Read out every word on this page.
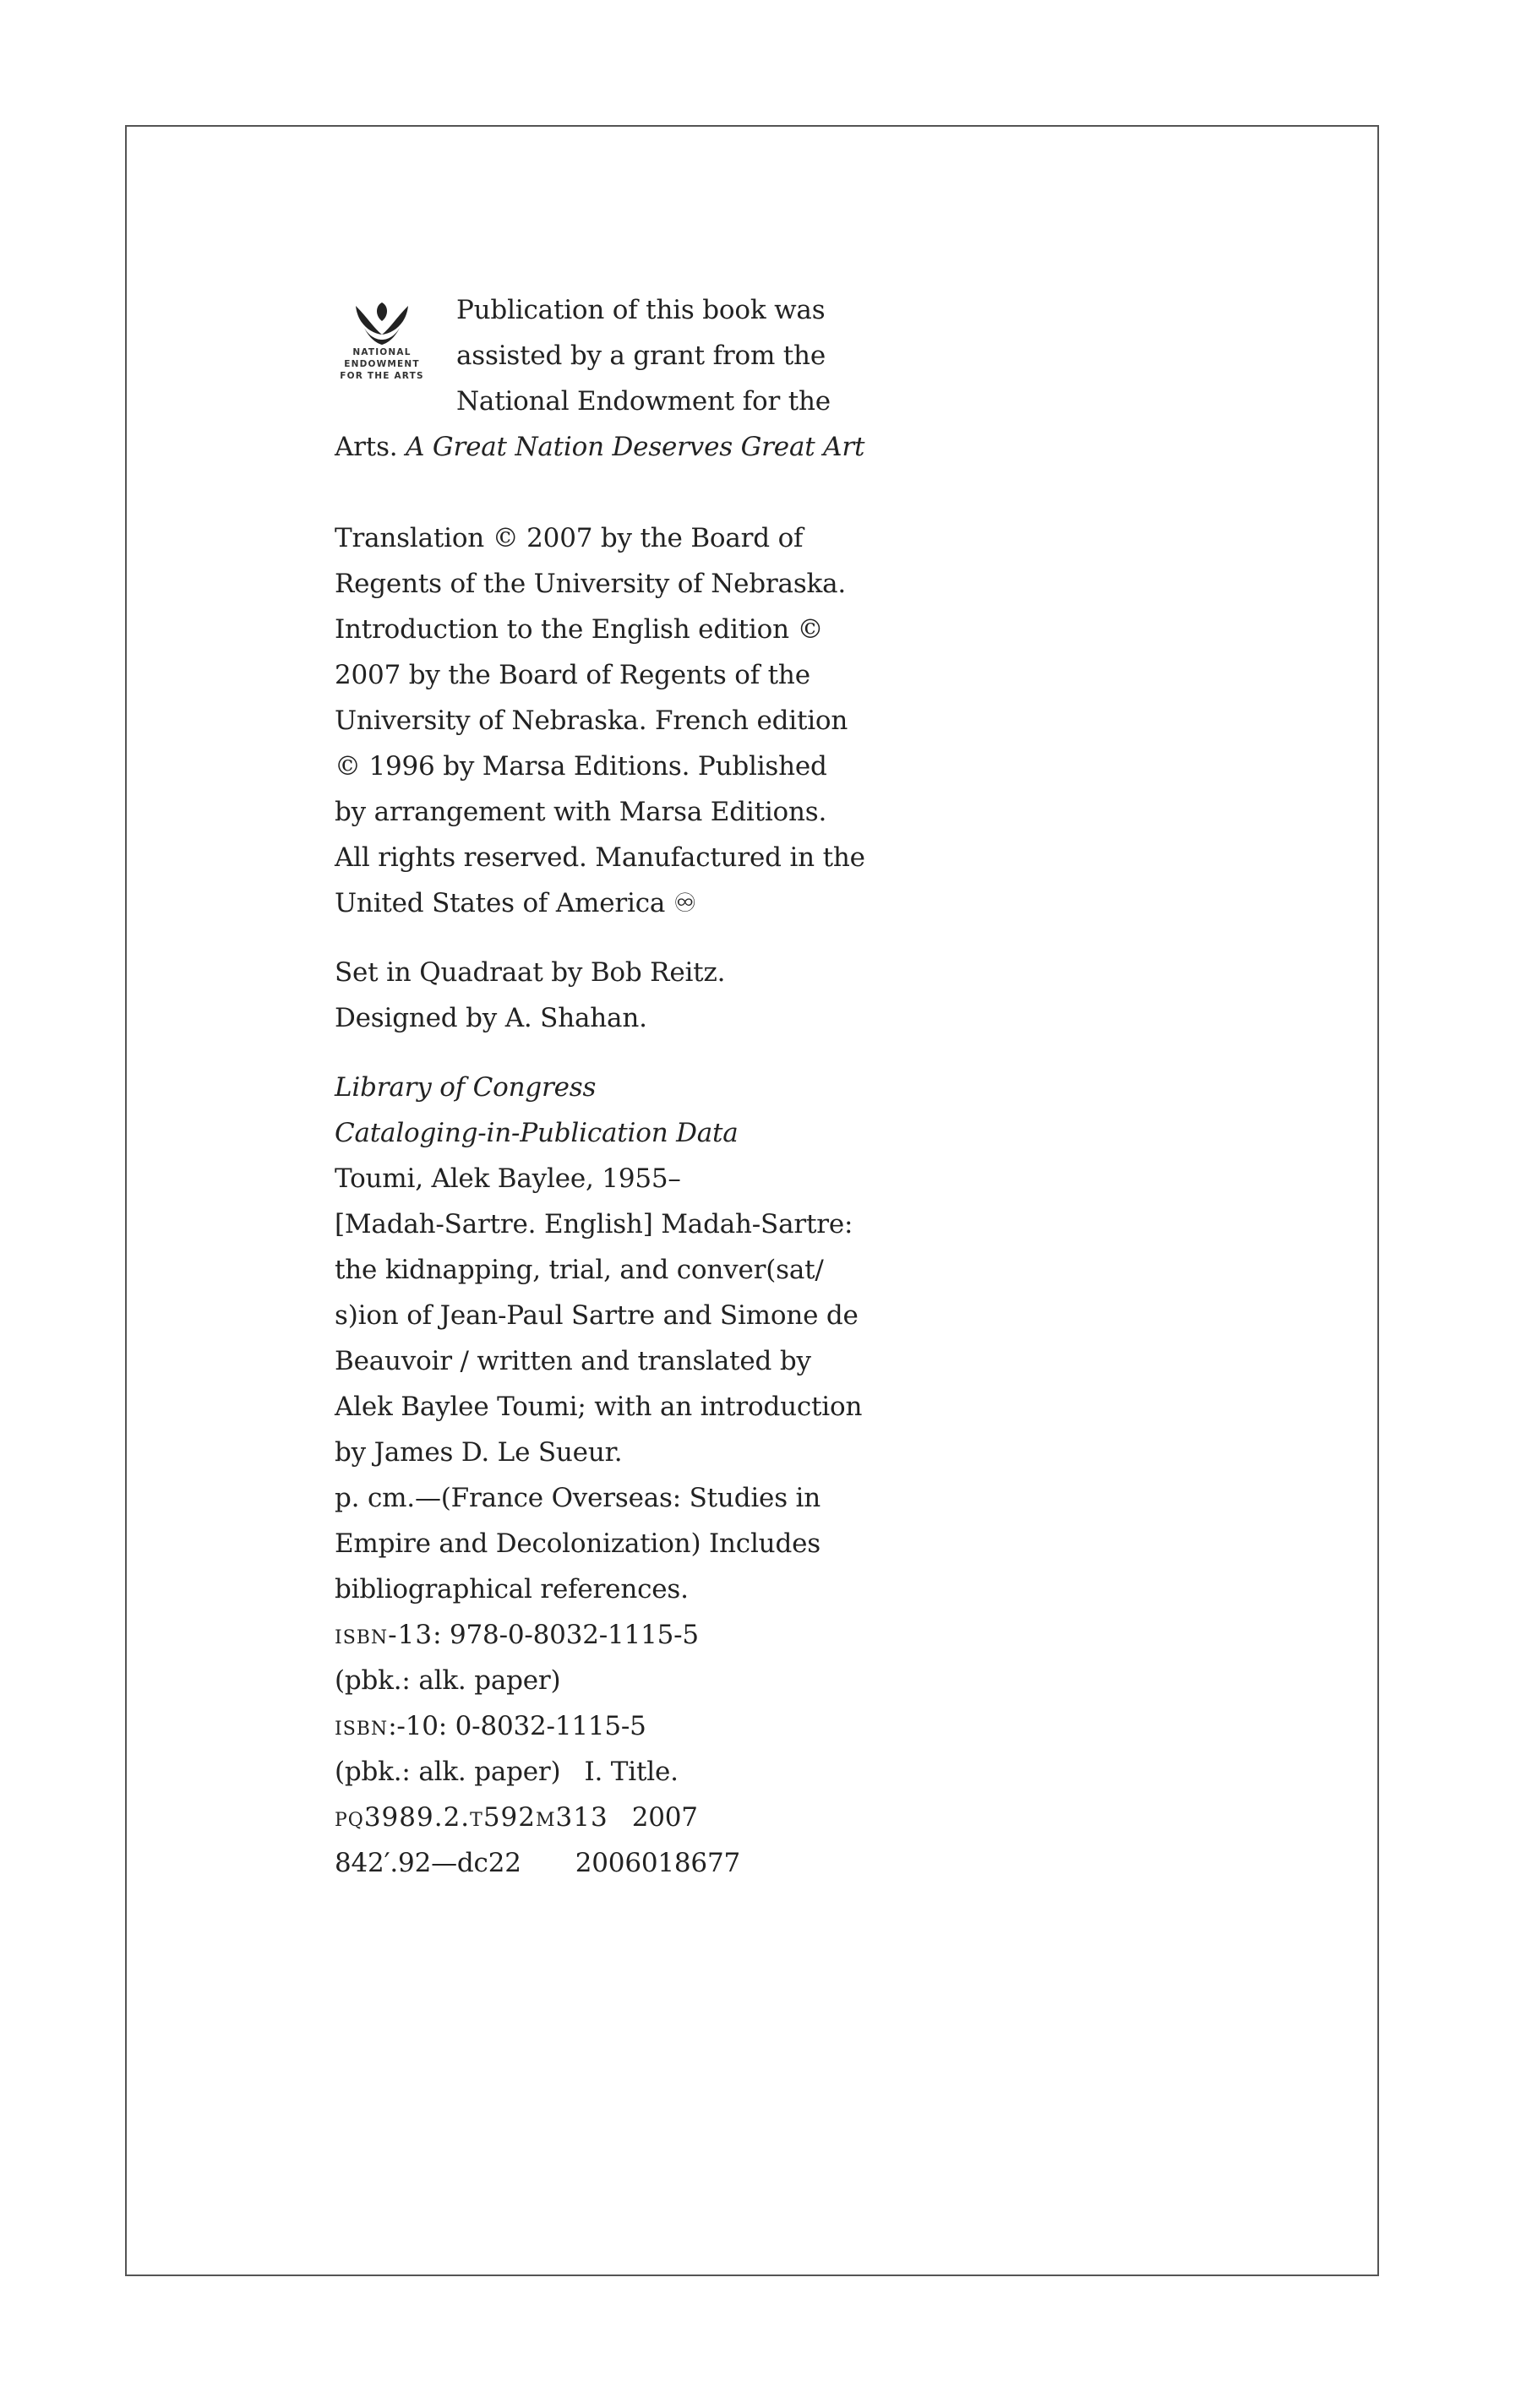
NATIONAL
ENDOWMENT
FOR THE ARTS
Publication of this book was
assisted by a grant from the
National Endowment for the
Arts. A Great Nation Deserves Great Art
Translation © 2007 by the Board of
Regents of the University of Nebraska.
Introduction to the English edition ©
2007 by the Board of Regents of the
University of Nebraska. French edition
© 1996 by Marsa Editions. Published
by arrangement with Marsa Editions.
All rights reserved. Manufactured in the
United States of America ♾
Set in Quadraat by Bob Reitz.
Designed by A. Shahan.
Library of Congress
Cataloging-in-Publication Data
Toumi, Alek Baylee, 1955–
[Madah-Sartre. English] Madah-Sartre:
the kidnapping, trial, and conver(sat/
s)ion of Jean-Paul Sartre and Simone de
Beauvoir / written and translated by
Alek Baylee Toumi; with an introduction
by James D. Le Sueur.
p. cm.—(France Overseas: Studies in
Empire and Decolonization) Includes
bibliographical references.
isbn-13: 978-0-8032-1115-5
(pbk.: alk. paper)
isbn:-10: 0-8032-1115-5
(pbk.: alk. paper) I. Title.
pq3989.2.t592m313 2007
842′.92—dc22 2006018677
